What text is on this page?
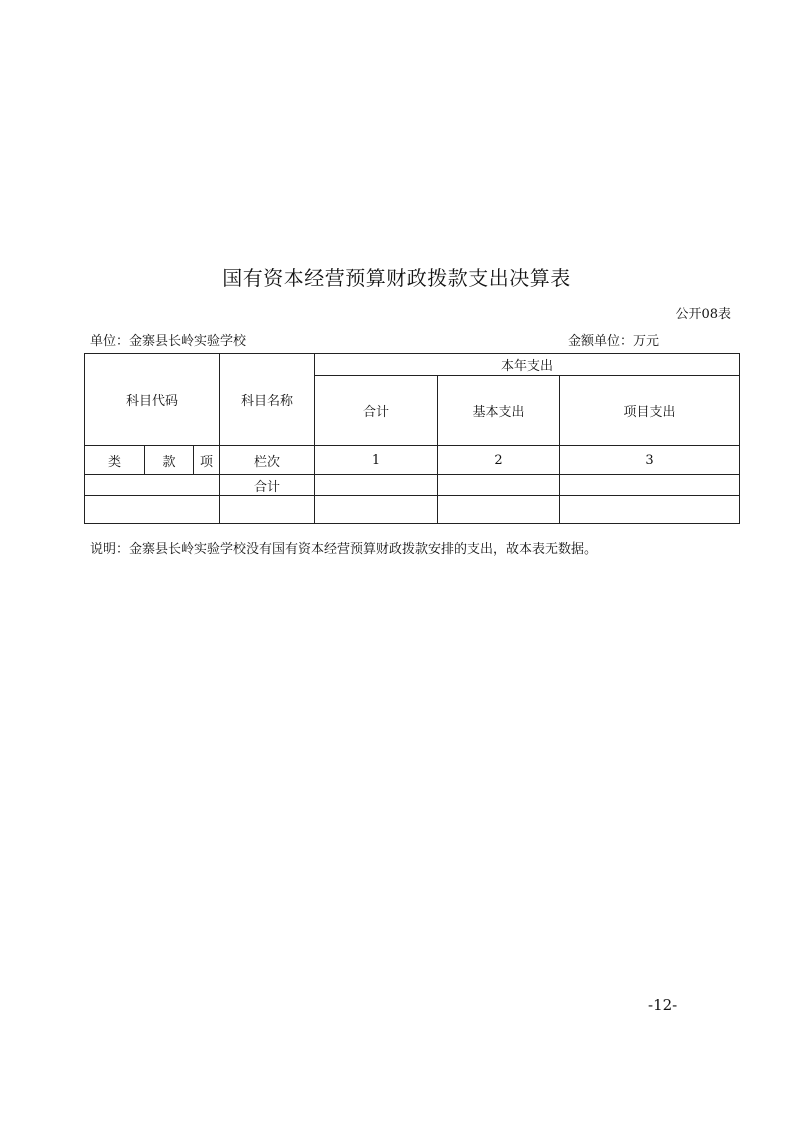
国有资本经营预算财政拨款支出决算表
公开08表
单位：金寨县长岭实验学校	金额单位：万元
科目代码			科目名称	本年支出		
				合计	基本支出	项目支出
类	款	项	栏次	1	2	3
			合计			

说明：金寨县长岭实验学校没有国有资本经营预算财政拨款安排的支出，故本表无数据。
-12-
